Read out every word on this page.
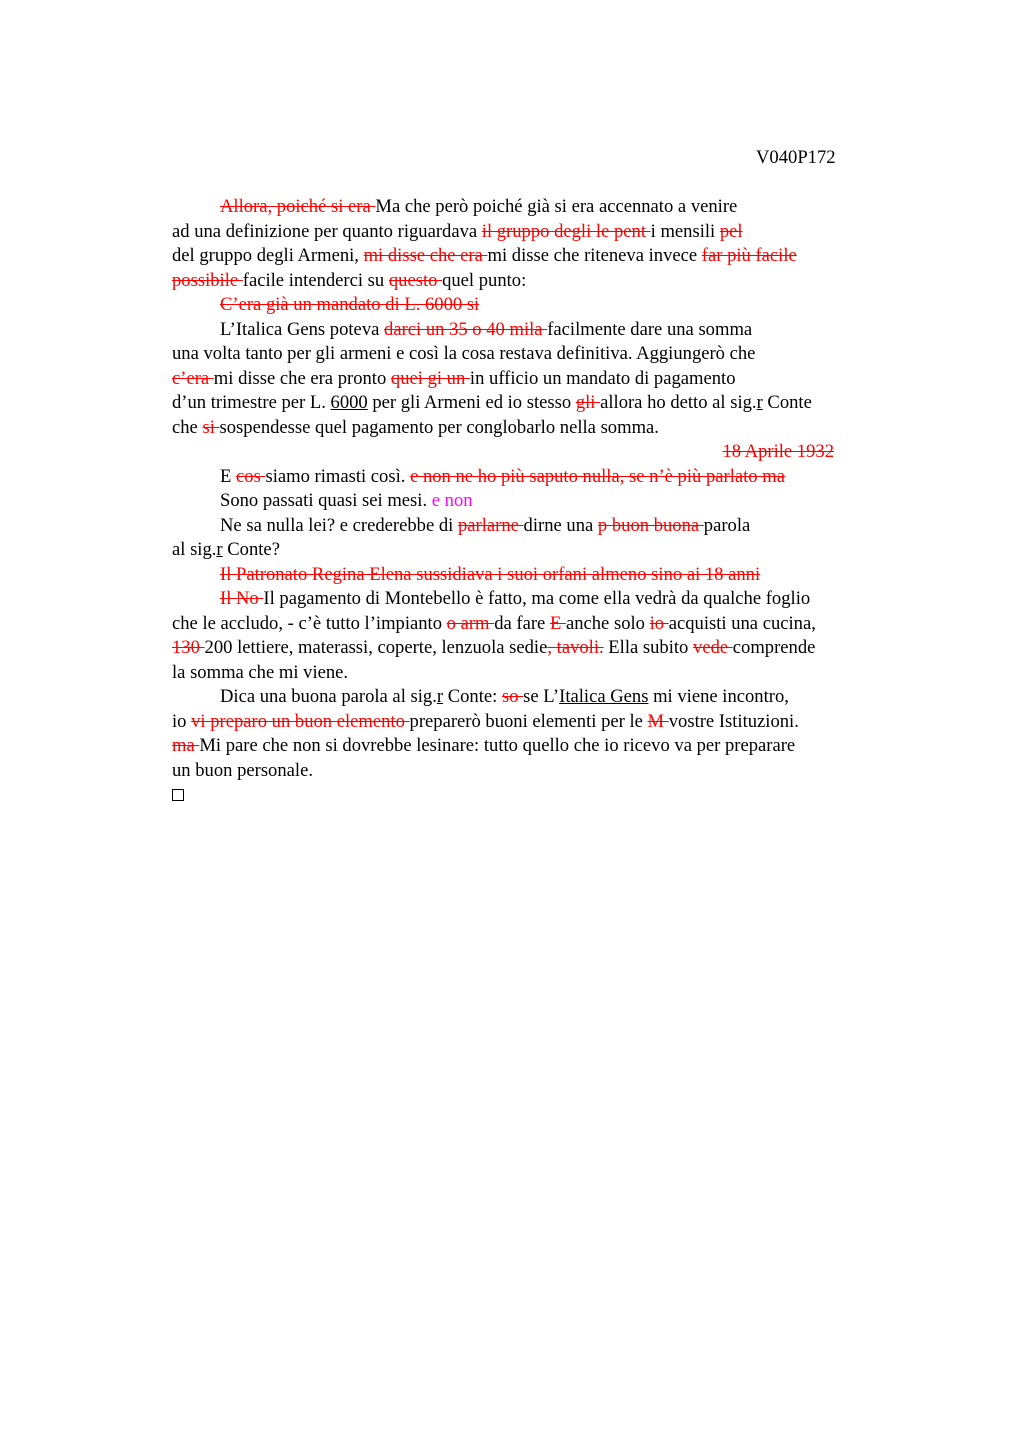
V040P172
Allora, poiché si era Ma che però poiché già si era accennato a venire
ad una definizione per quanto riguardava il gruppo degli le pent i mensili pel
del gruppo degli Armeni, mi disse che era mi disse che riteneva invece far più facile
possibile facile intenderci su questo quel punto:
C’era già un mandato di L. 6000 si
L’Italica Gens poteva darci un 35 o 40 mila facilmente dare una somma
una volta tanto per gli armeni e così la cosa restava definitiva. Aggiungerò che
c’era mi disse che era pronto quei gi un in ufficio un mandato di pagamento
d’un trimestre per L. 6000 per gli Armeni ed io stesso gli allora ho detto al sig.r Conte
che si sospendesse quel pagamento per conglobarlo nella somma.
18 Aprile 1932
E cos siamo rimasti così. e non ne ho più saputo nulla, se n’è più parlato ma
Sono passati quasi sei mesi. e non
Ne sa nulla lei? e crederebbe di parlarne dirne una p buon buona parola
al sig.r Conte?
Il Patronato Regina Elena sussidiava i suoi orfani almeno sino ai 18 anni
Il No Il pagamento di Montebello è fatto, ma come ella vedrà da qualche foglio
che le accludo, - c’è tutto l’impianto o arm da fare E anche solo io acquisti una cucina,
130 200 lettiere, materassi, coperte, lenzuola sedie, tavoli. Ella subito vede comprende
la somma che mi viene.
Dica una buona parola al sig.r Conte: so se L’Italica Gens mi viene incontro,
io vi preparo un buon elemento preparerò buoni elementi per le M vostre Istituzioni.
ma Mi pare che non si dovrebbe lesinare: tutto quello che io ricevo va per preparare
un buon personale.
